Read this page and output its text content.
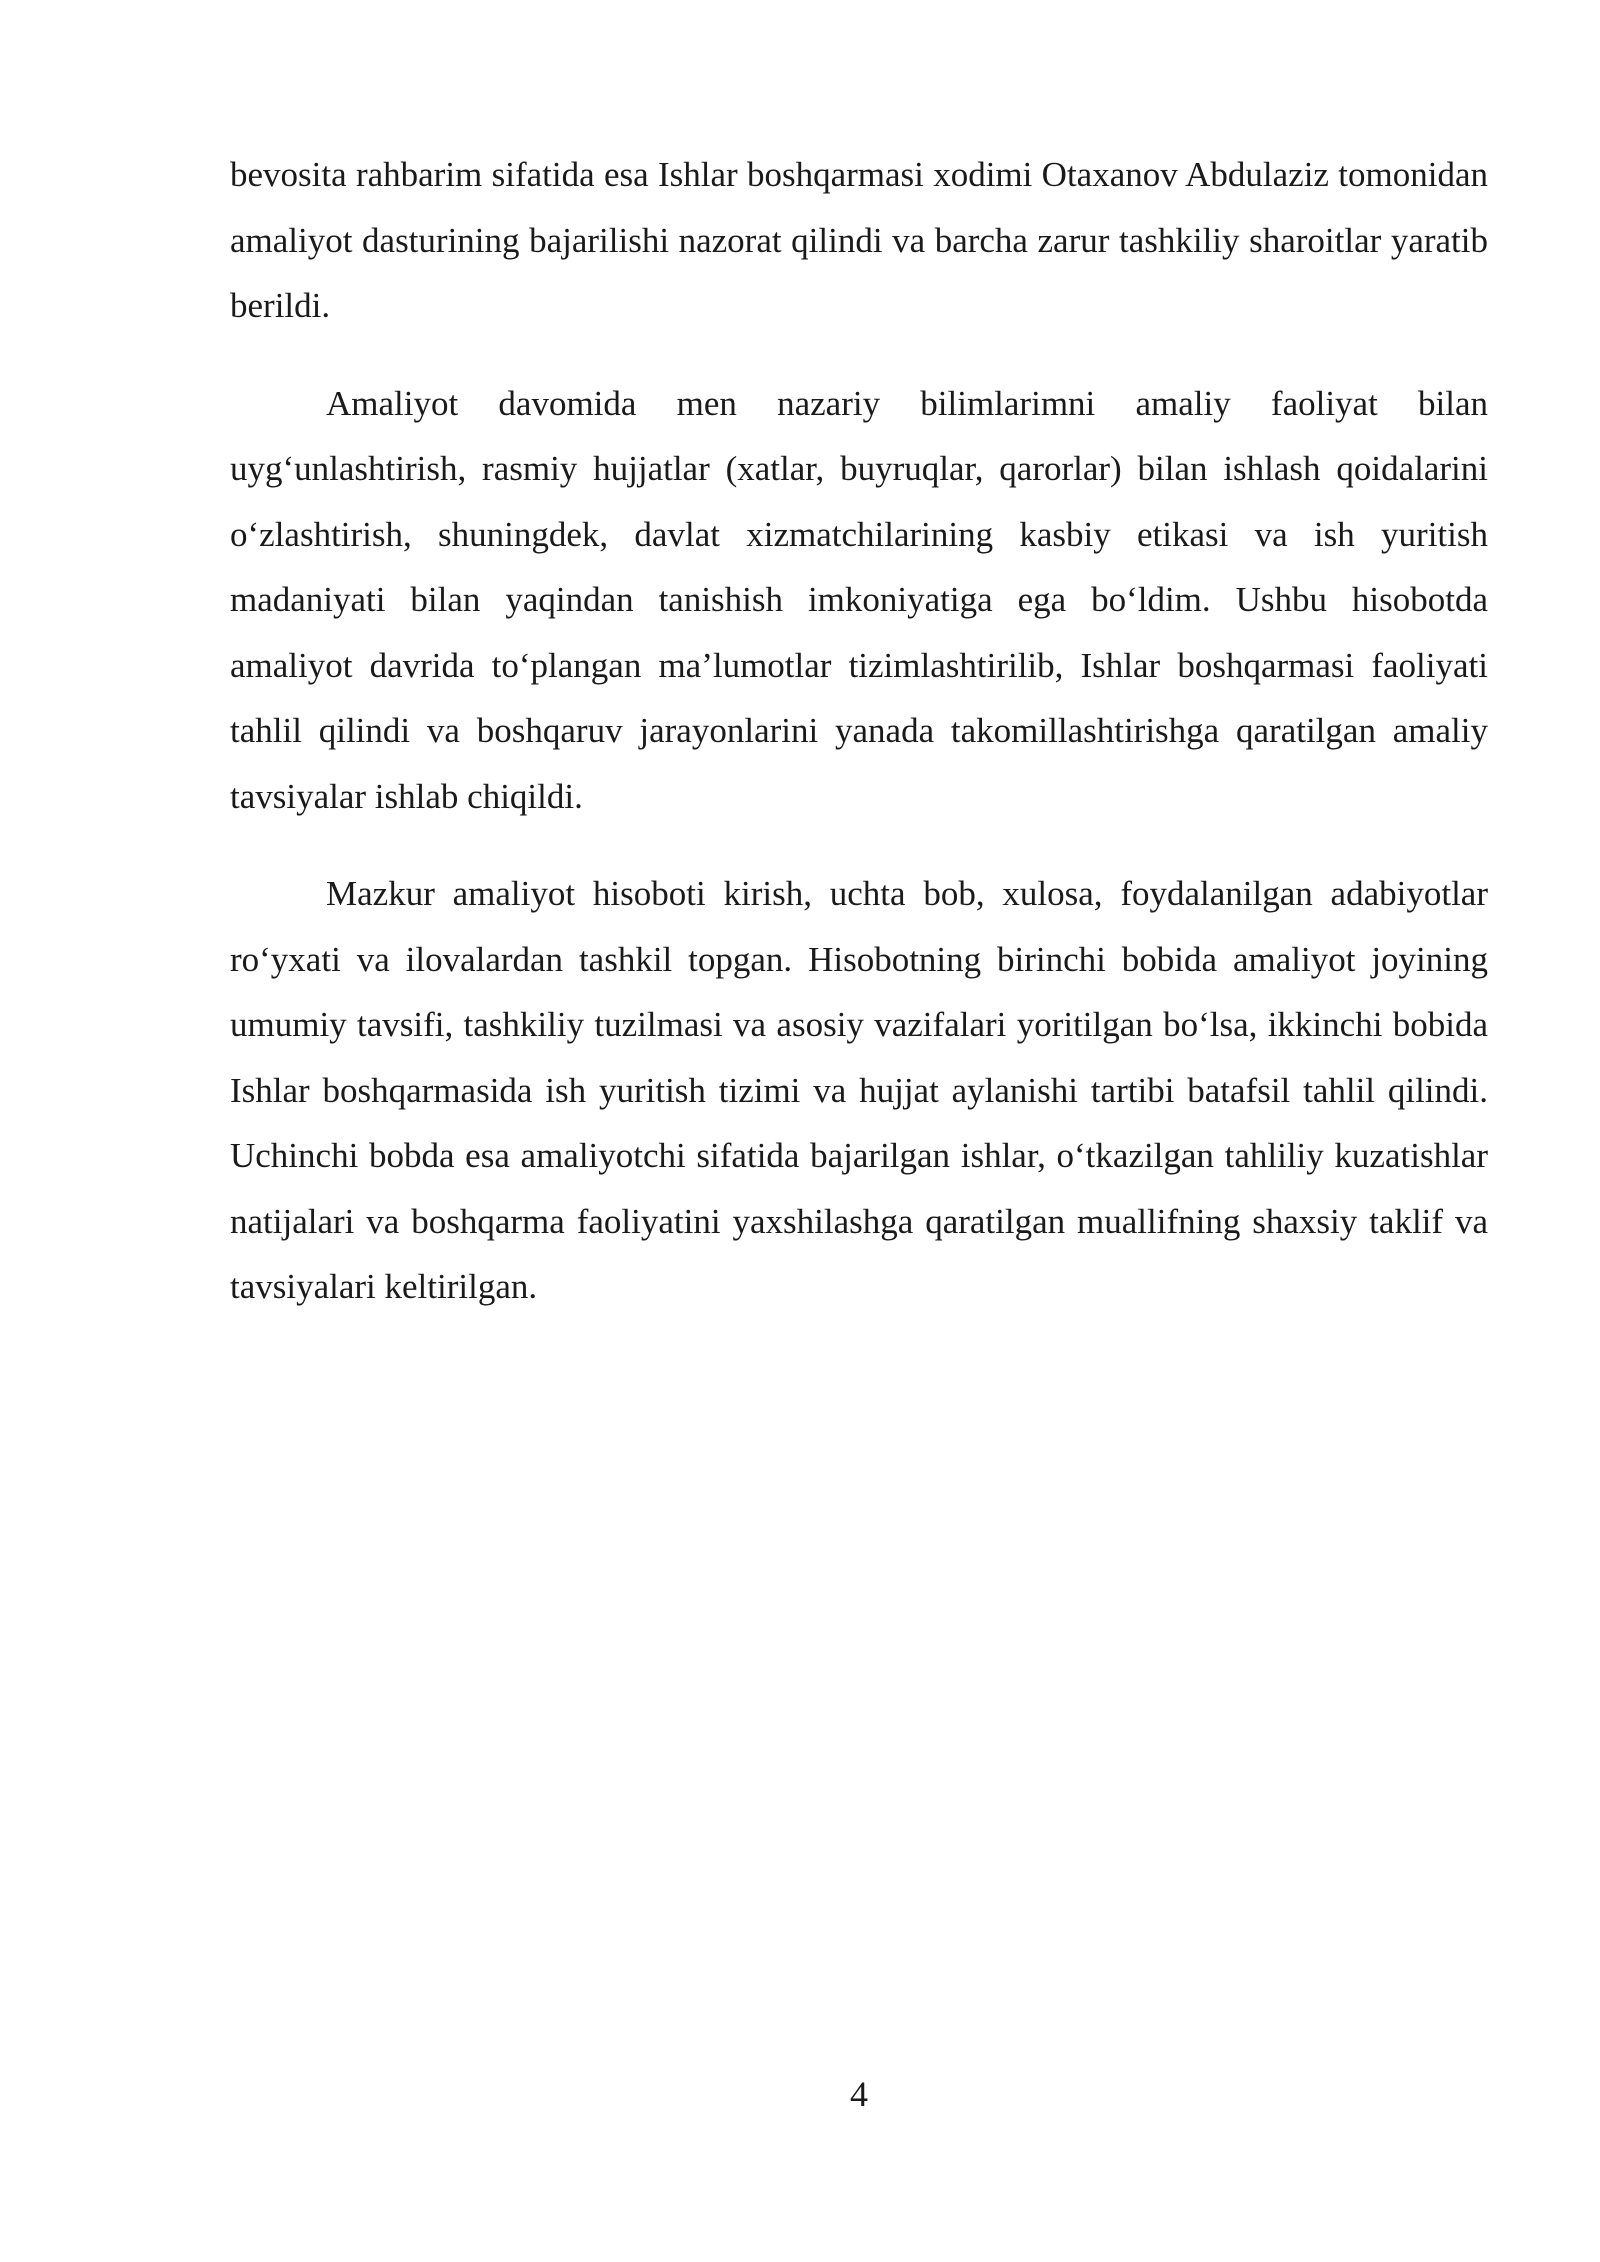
bevosita rahbarim sifatida esa Ishlar boshqarmasi xodimi Otaxanov Abdulaziz tomonidan amaliyot dasturining bajarilishi nazorat qilindi va barcha zarur tashkiliy sharoitlar yaratib berildi.

Amaliyot davomida men nazariy bilimlarimni amaliy faoliyat bilan uyg‘unlashtirish, rasmiy hujjatlar (xatlar, buyruqlar, qarorlar) bilan ishlash qoidalarini o‘zlashtirish, shuningdek, davlat xizmatchilarining kasbiy etikasi va ish yuritish madaniyati bilan yaqindan tanishish imkoniyatiga ega bo‘ldim. Ushbu hisobotda amaliyot davrida to‘plangan ma’lumotlar tizimlashtirilib, Ishlar boshqarmasi faoliyati tahlil qilindi va boshqaruv jarayonlarini yanada takomillashtirishga qaratilgan amaliy tavsiyalar ishlab chiqildi.

Mazkur amaliyot hisoboti kirish, uchta bob, xulosa, foydalanilgan adabiyotlar ro‘yxati va ilovalardan tashkil topgan. Hisobotning birinchi bobida amaliyot joyining umumiy tavsifi, tashkiliy tuzilmasi va asosiy vazifalari yoritilgan bo‘lsa, ikkinchi bobida Ishlar boshqarmasida ish yuritish tizimi va hujjat aylanishi tartibi batafsil tahlil qilindi. Uchinchi bobda esa amaliyotchi sifatida bajarilgan ishlar, o‘tkazilgan tahliliy kuzatishlar natijalari va boshqarma faoliyatini yaxshilashga qaratilgan muallifning shaxsiy taklif va tavsiyalari keltirilgan.

4
